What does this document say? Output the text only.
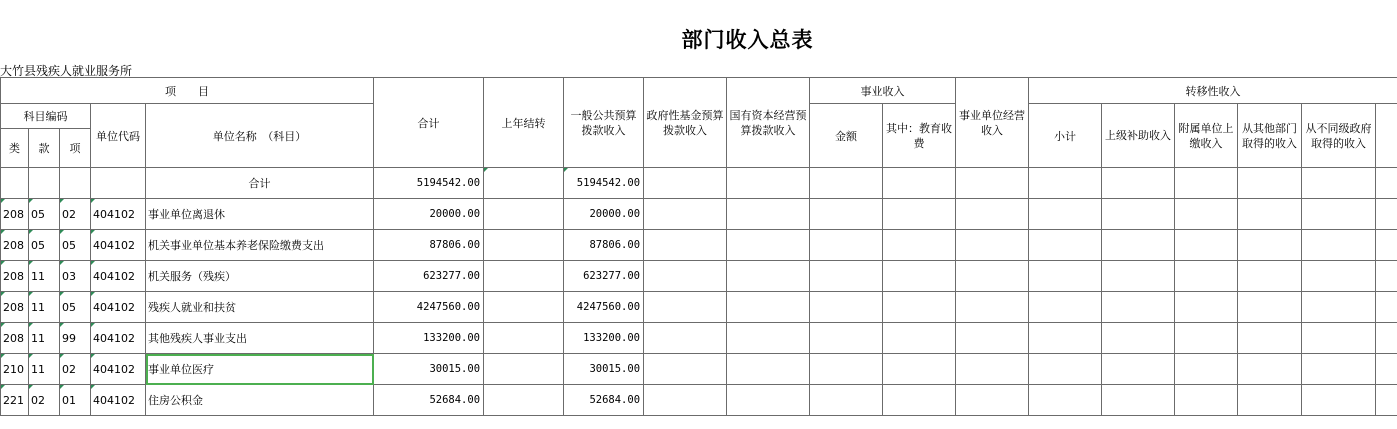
部门收入总表
大竹县残疾人就业服务所
项　　目					合计	上年结转	一般公共预算拨款收入	政府性基金预算拨款收入	国有资本经营预算拨款收入	事业收入		事业单位经营收入	转移性收入	
科目编码			单位代码	单位名称　（科目）						金额	其中：教育收费		小计	上级补助收入	附属单位上缴收入	从其他部门取得的收入	从不同级政府取得的收入		
类	款	项																	
				合计	5194542.00		5194542.00												
208	05	02	404102	事业单位离退休	20000.00		20000.00												
208	05	05	404102	机关事业单位基本养老保险缴费支出	87806.00		87806.00												
208	11	03	404102	机关服务（残疾）	623277.00		623277.00												
208	11	05	404102	残疾人就业和扶贫	4247560.00		4247560.00												
208	11	99	404102	其他残疾人事业支出	133200.00		133200.00												
210	11	02	404102	事业单位医疗	30015.00		30015.00												
221	02	01	404102	住房公积金	52684.00		52684.00												
